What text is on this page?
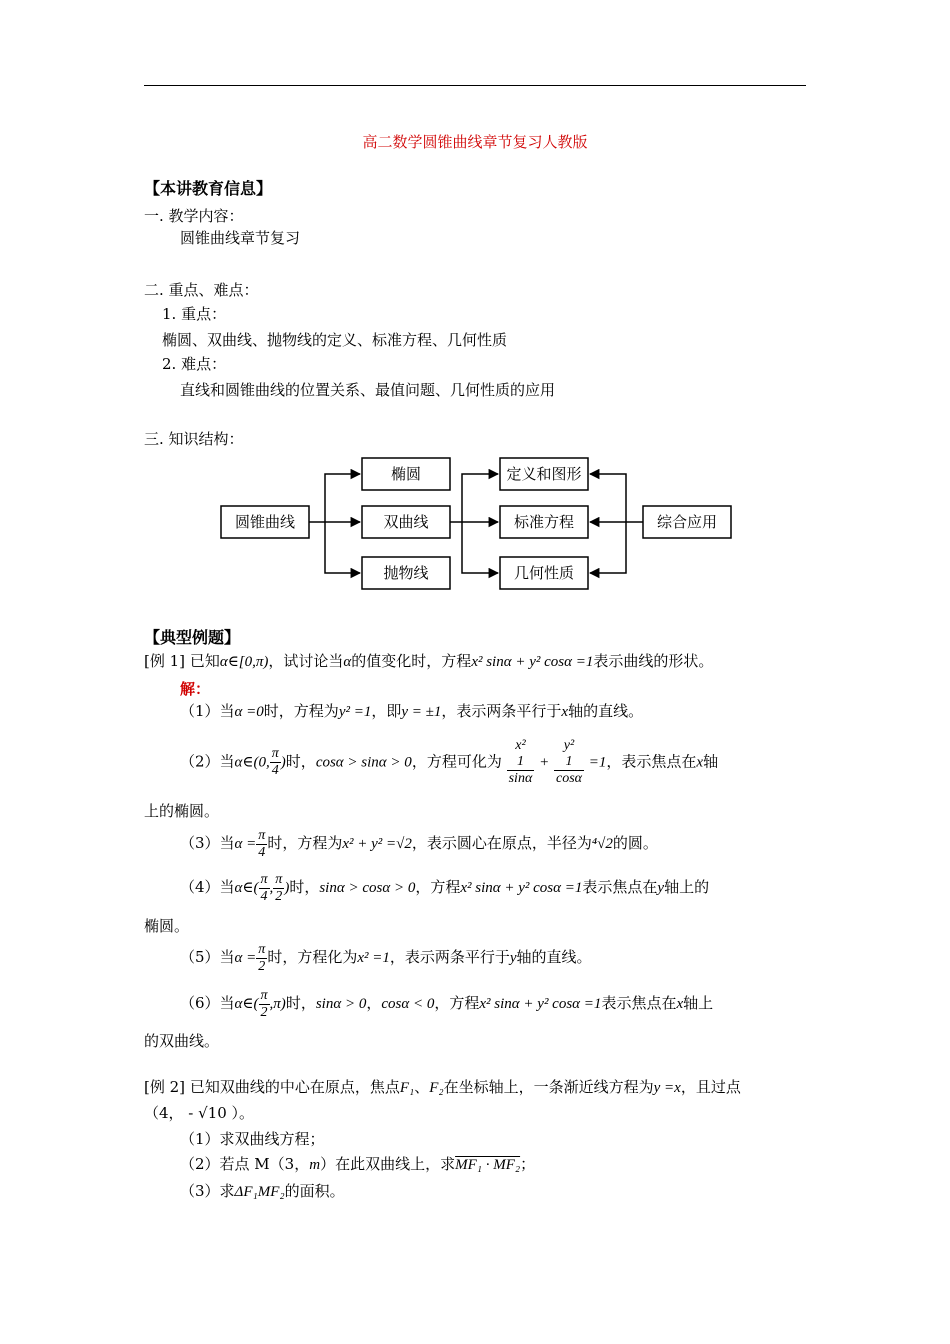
高二数学圆锥曲线章节复习人教版
【本讲教育信息】
一. 教学内容：
圆锥曲线章节复习
二. 重点、难点：
1. 重点：
椭圆、双曲线、抛物线的定义、标准方程、几何性质
2. 难点：
直线和圆锥曲线的位置关系、最值问题、几何性质的应用
三. 知识结构：
圆锥曲线
椭圆
双曲线
抛物线
定义和图形
标准方程
几何性质
综合应用
【典型例题】
[例 1] 已知α∈[0,π)，试讨论当α的值变化时，方程x² sinα + y² cosα =1表示曲线的形状。
解：
（1）当α =0时，方程为y² =1，即y = ±1，表示两条平行于x轴的直线。
（2）当α∈(0, $\frac{\pi}{4}$ )时，cosα > sinα > 0，方程可化为
x²
1
sinα
+
y²
1
cosα
=1，表示焦点在x轴
上的椭圆。
（3）当$\alpha = \frac{\pi}{4}$ 时，方程为x² + y² =√2，表示圆心在原点，半径为⁴√2的圆。
（4）当α∈( $\frac{\pi}{4}$ , $\frac{\pi}{2}$ )时，sinα > cosα > 0，方程x² sinα + y² cosα =1表示焦点在y轴上的
椭圆。
（5）当$\alpha = \frac{\pi}{2}$ 时，方程化为x² =1，表示两条平行于y轴的直线。
（6）当α∈( $\frac{\pi}{2} ,\pi$)时，sinα > 0，cosα < 0，方程x² sinα + y² cosα =1表示焦点在x轴上
的双曲线。
[例 2] 已知双曲线的中心在原点，焦点F₁、F₂在坐标轴上，一条渐近线方程为y =x，且过点
（4， - √10 ）。
（1）求双曲线方程；
（2）若点 M（3，m）在此双曲线上，求MF₁ · MF₂；
（3）求ΔF₁MF₂的面积。
